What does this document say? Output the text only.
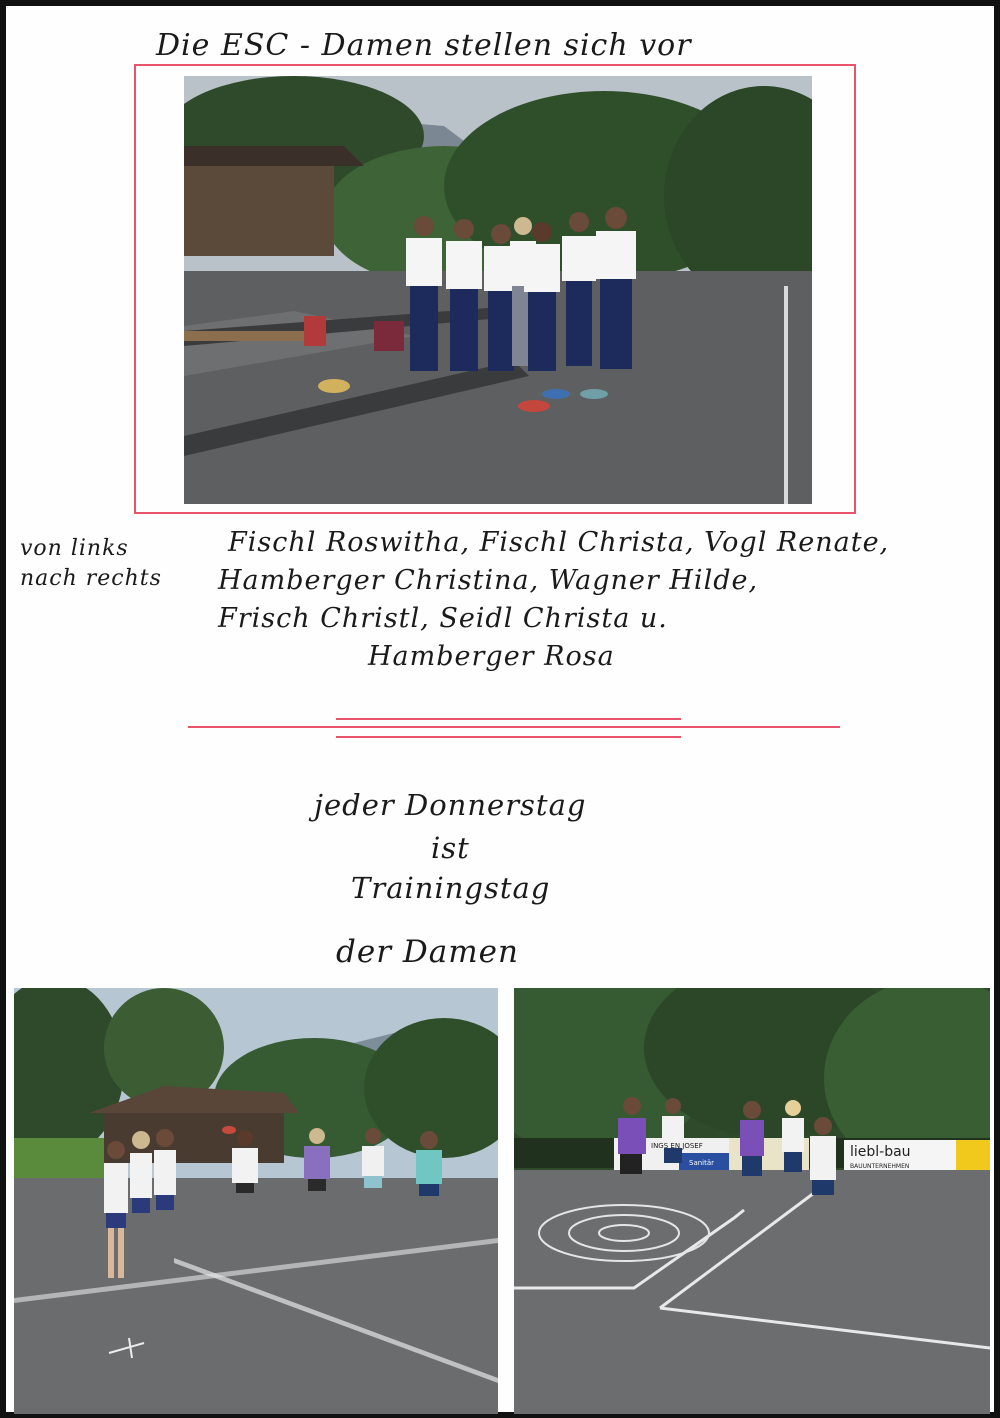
Die ESC - Damen stellen sich vor
von links
nach rechts
Fischl Roswitha, Fischl Christa, Vogl Renate,
Hamberger Christina, Wagner Hilde,
Frisch Christl, Seidl Christa u.
Hamberger Rosa
jeder Donnerstag
ist
Trainingstag
der Damen
liebl-bau
BAUUNTERNEHMEN
INGS EN JOSEF
Sanitär
